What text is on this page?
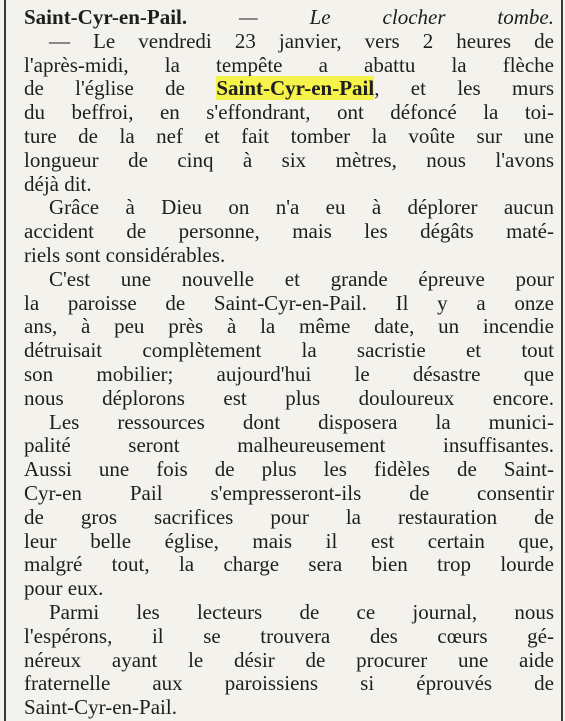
Saint-Cyr-en-Pail. — Le clocher tombe.
— Le vendredi 23 janvier, vers 2 heures de
l'après-midi, la tempête a abattu la flèche
de l'église de Saint-Cyr-en-Pail, et les murs
du beffroi, en s'effondrant, ont défoncé la toi-
ture de la nef et fait tomber la voûte sur une
longueur de cinq à six mètres, nous l'avons
déjà dit.
Grâce à Dieu on n'a eu à déplorer aucun
accident de personne, mais les dégâts maté-
riels sont considérables.
C'est une nouvelle et grande épreuve pour
la paroisse de Saint-Cyr-en-Pail. Il y a onze
ans, à peu près à la même date, un incendie
détruisait complètement la sacristie et tout
son mobilier; aujourd'hui le désastre que
nous déplorons est plus douloureux encore.
Les ressources dont disposera la munici-
palité seront malheureusement insuffisantes.
Aussi une fois de plus les fidèles de Saint-
Cyr-en Pail s'empresseront-ils de consentir
de gros sacrifices pour la restauration de
leur belle église, mais il est certain que,
malgré tout, la charge sera bien trop lourde
pour eux.
Parmi les lecteurs de ce journal, nous
l'espérons, il se trouvera des cœurs gé-
néreux ayant le désir de procurer une aide
fraternelle aux paroissiens si éprouvés de
Saint-Cyr-en-Pail.
